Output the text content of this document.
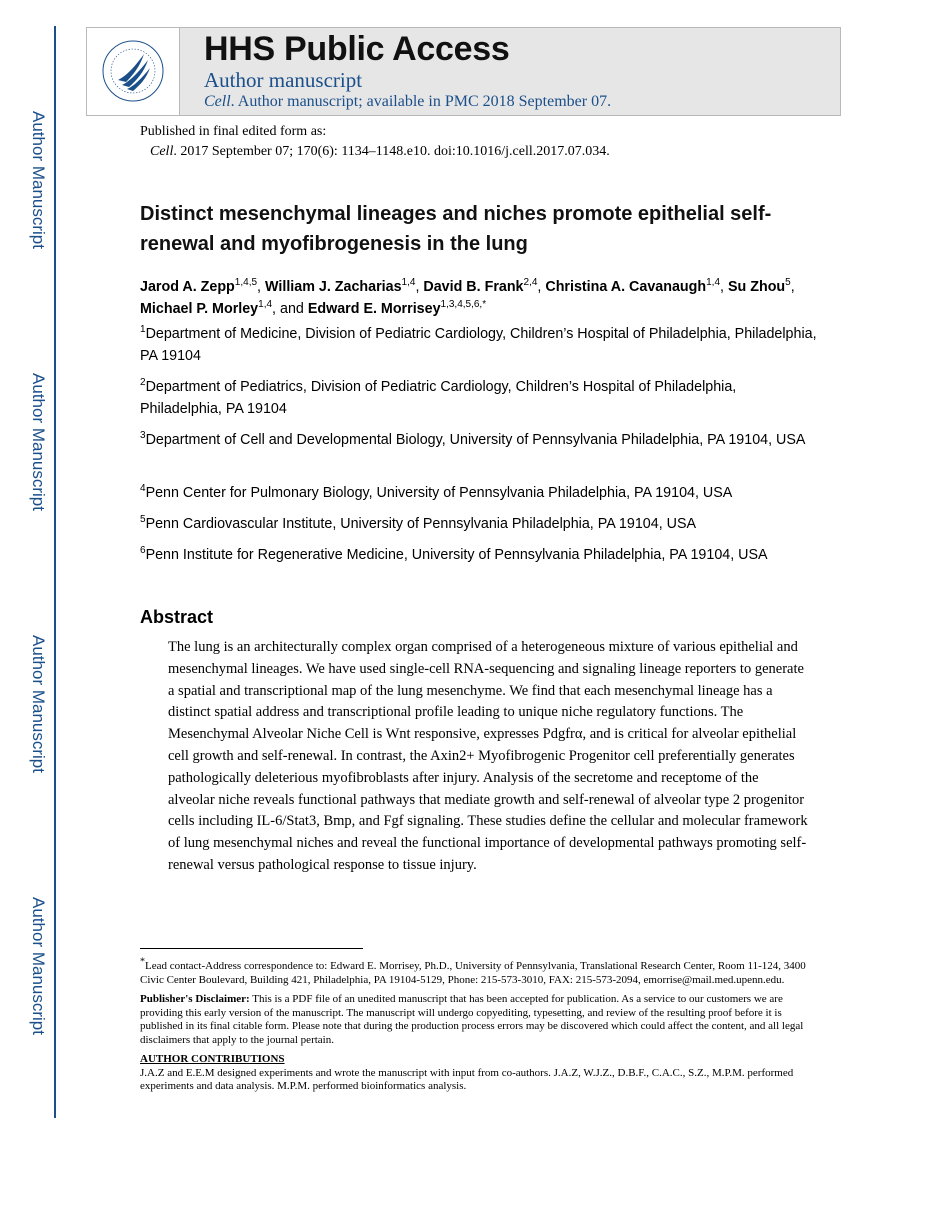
Author Manuscript
Author Manuscript
Author Manuscript
Author Manuscript
HHS Public Access
Author manuscript
Cell. Author manuscript; available in PMC 2018 September 07.
Published in final edited form as:
Cell. 2017 September 07; 170(6): 1134–1148.e10. doi:10.1016/j.cell.2017.07.034.
Distinct mesenchymal lineages and niches promote epithelial self-renewal and myofibrogenesis in the lung
Jarod A. Zepp$^{1,4,5}$, William J. Zacharias$^{1,4}$, David B. Frank$^{2,4}$, Christina A. Cavanaugh$^{1,4}$, Su Zhou$^5$, Michael P. Morley$^{1,4}$, and Edward E. Morrisey$^{1,3,4,5,6,*}$
$^1$Department of Medicine, Division of Pediatric Cardiology, Children’s Hospital of Philadelphia, Philadelphia, PA 19104
$^2$Department of Pediatrics, Division of Pediatric Cardiology, Children’s Hospital of Philadelphia, Philadelphia, PA 19104
$^3$Department of Cell and Developmental Biology, University of Pennsylvania Philadelphia, PA 19104, USA
$^4$Penn Center for Pulmonary Biology, University of Pennsylvania Philadelphia, PA 19104, USA
$^5$Penn Cardiovascular Institute, University of Pennsylvania Philadelphia, PA 19104, USA
$^6$Penn Institute for Regenerative Medicine, University of Pennsylvania Philadelphia, PA 19104, USA
Abstract
The lung is an architecturally complex organ comprised of a heterogeneous mixture of various epithelial and mesenchymal lineages. We have used single-cell RNA-sequencing and signaling lineage reporters to generate a spatial and transcriptional map of the lung mesenchyme. We find that each mesenchymal lineage has a distinct spatial address and transcriptional profile leading to unique niche regulatory functions. The Mesenchymal Alveolar Niche Cell is Wnt responsive, expresses Pdgfrα, and is critical for alveolar epithelial cell growth and self-renewal. In contrast, the Axin2+ Myofibrogenic Progenitor cell preferentially generates pathologically deleterious myofibroblasts after injury. Analysis of the secretome and receptome of the alveolar niche reveals functional pathways that mediate growth and self-renewal of alveolar type 2 progenitor cells including IL-6/Stat3, Bmp, and Fgf signaling. These studies define the cellular and molecular framework of lung mesenchymal niches and reveal the functional importance of developmental pathways promoting self-renewal versus pathological response to tissue injury.

*Lead contact-Address correspondence to: Edward E. Morrisey, Ph.D., University of Pennsylvania, Translational Research Center, Room 11-124, 3400 Civic Center Boulevard, Building 421, Philadelphia, PA 19104-5129, Phone: 215-573-3010, FAX: 215-573-2094, emorrise@mail.med.upenn.edu.

Publisher's Disclaimer: This is a PDF file of an unedited manuscript that has been accepted for publication. As a service to our customers we are providing this early version of the manuscript. The manuscript will undergo copyediting, typesetting, and review of the resulting proof before it is published in its final citable form. Please note that during the production process errors may be discovered which could affect the content, and all legal disclaimers that apply to the journal pertain.

AUTHOR CONTRIBUTIONS

J.A.Z and E.E.M designed experiments and wrote the manuscript with input from co-authors. J.A.Z, W.J.Z., D.B.F., C.A.C., S.Z., M.P.M. performed experiments and data analysis. M.P.M. performed bioinformatics analysis.
